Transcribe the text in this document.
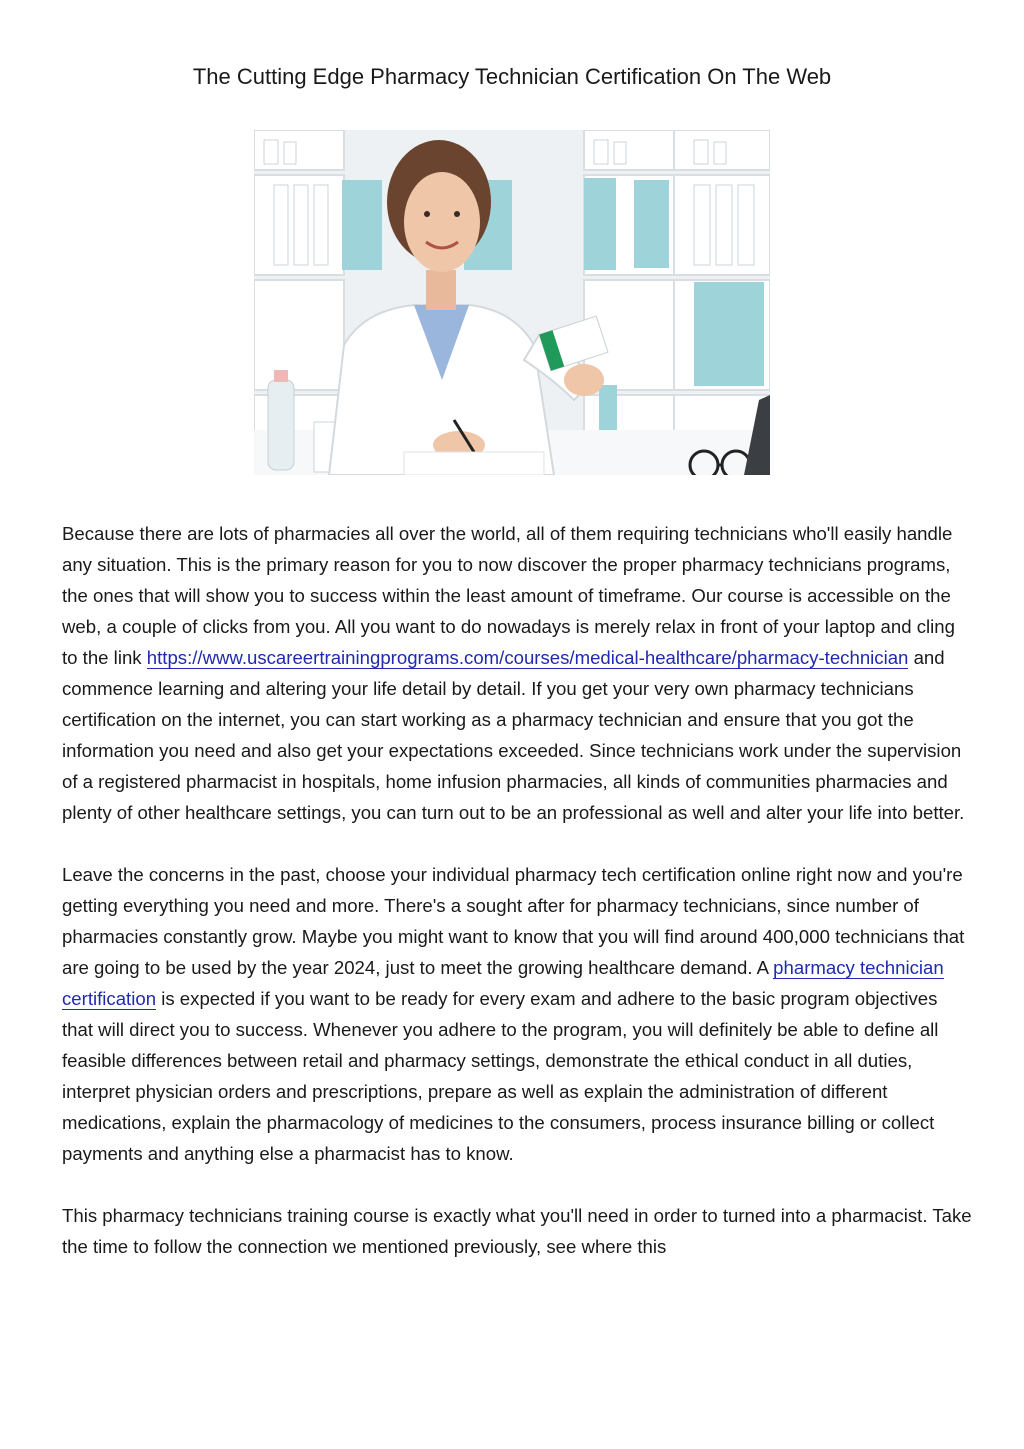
The Cutting Edge Pharmacy Technician Certification On The Web

Because there are lots of pharmacies all over the world, all of them requiring technicians who'll easily handle any situation. This is the primary reason for you to now discover the proper pharmacy technicians programs, the ones that will show you to success within the least amount of timeframe. Our course is accessible on the web, a couple of clicks from you. All you want to do nowadays is merely relax in front of your laptop and cling to the link https://www.uscareertrainingprograms.com/courses/medical-healthcare/pharmacy-technician and commence learning and altering your life detail by detail. If you get your very own pharmacy technicians certification on the internet, you can start working as a pharmacy technician and ensure that you got the information you need and also get your expectations exceeded. Since technicians work under the supervision of a registered pharmacist in hospitals, home infusion pharmacies, all kinds of communities pharmacies and plenty of other healthcare settings, you can turn out to be an professional as well and alter your life into better.

Leave the concerns in the past, choose your individual pharmacy tech certification online right now and you're getting everything you need and more. There's a sought after for pharmacy technicians, since number of pharmacies constantly grow. Maybe you might want to know that you will find around 400,000 technicians that are going to be used by the year 2024, just to meet the growing healthcare demand. A pharmacy technician certification is expected if you want to be ready for every exam and adhere to the basic program objectives that will direct you to success. Whenever you adhere to the program, you will definitely be able to define all feasible differences between retail and pharmacy settings, demonstrate the ethical conduct in all duties, interpret physician orders and prescriptions, prepare as well as explain the administration of different medications, explain the pharmacology of medicines to the consumers, process insurance billing or collect payments and anything else a pharmacist has to know.

This pharmacy technicians training course is exactly what you'll need in order to turned into a pharmacist. Take the time to follow the connection we mentioned previously, see where this
